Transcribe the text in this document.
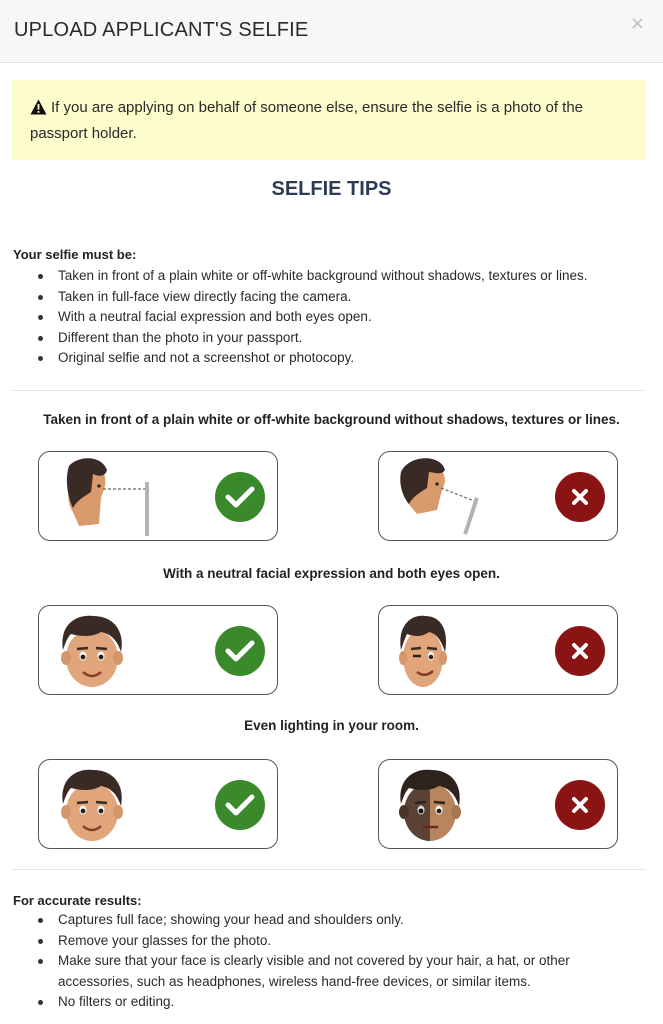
UPLOAD APPLICANT'S SELFIE	×
If you are applying on behalf of someone else, ensure the selfie is a photo of the passport holder.
SELFIE TIPS

Your selfie must be:

Taken in front of a plain white or off-white background without shadows, textures or lines.
Taken in full-face view directly facing the camera.
With a neutral facial expression and both eyes open.
Different than the photo in your passport.
Original selfie and not a screenshot or photocopy.

Taken in front of a plain white or off-white background without shadows, textures or lines.

With a neutral facial expression and both eyes open.

Even lighting in your room.

For accurate results:

Captures full face; showing your head and shoulders only.
Remove your glasses for the photo.
Make sure that your face is clearly visible and not covered by your hair, a hat, or other accessories, such as headphones, wireless hand-free devices, or similar items.
No filters or editing.
